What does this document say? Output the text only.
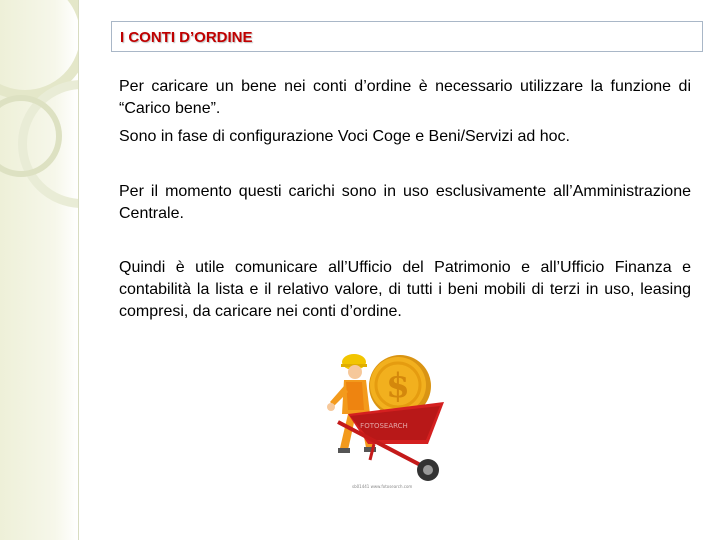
I CONTI D’ORDINE
Per caricare un bene nei conti d’ordine è necessario utilizzare la funzione di “Carico bene”.
Sono in fase di configurazione Voci Coge e Beni/Servizi ad hoc.
Per il momento questi carichi sono in uso esclusivamente all’Amministrazione Centrale.
Quindi è utile comunicare all’Ufficio del Patrimonio e all’Ufficio Finanza e contabilità la lista e il relativo valore, di tutti i beni mobili di terzi in uso, leasing compresi, da caricare nei conti d’ordine.
$
FOTOSEARCH
sb01441 www.fotosearch.com
